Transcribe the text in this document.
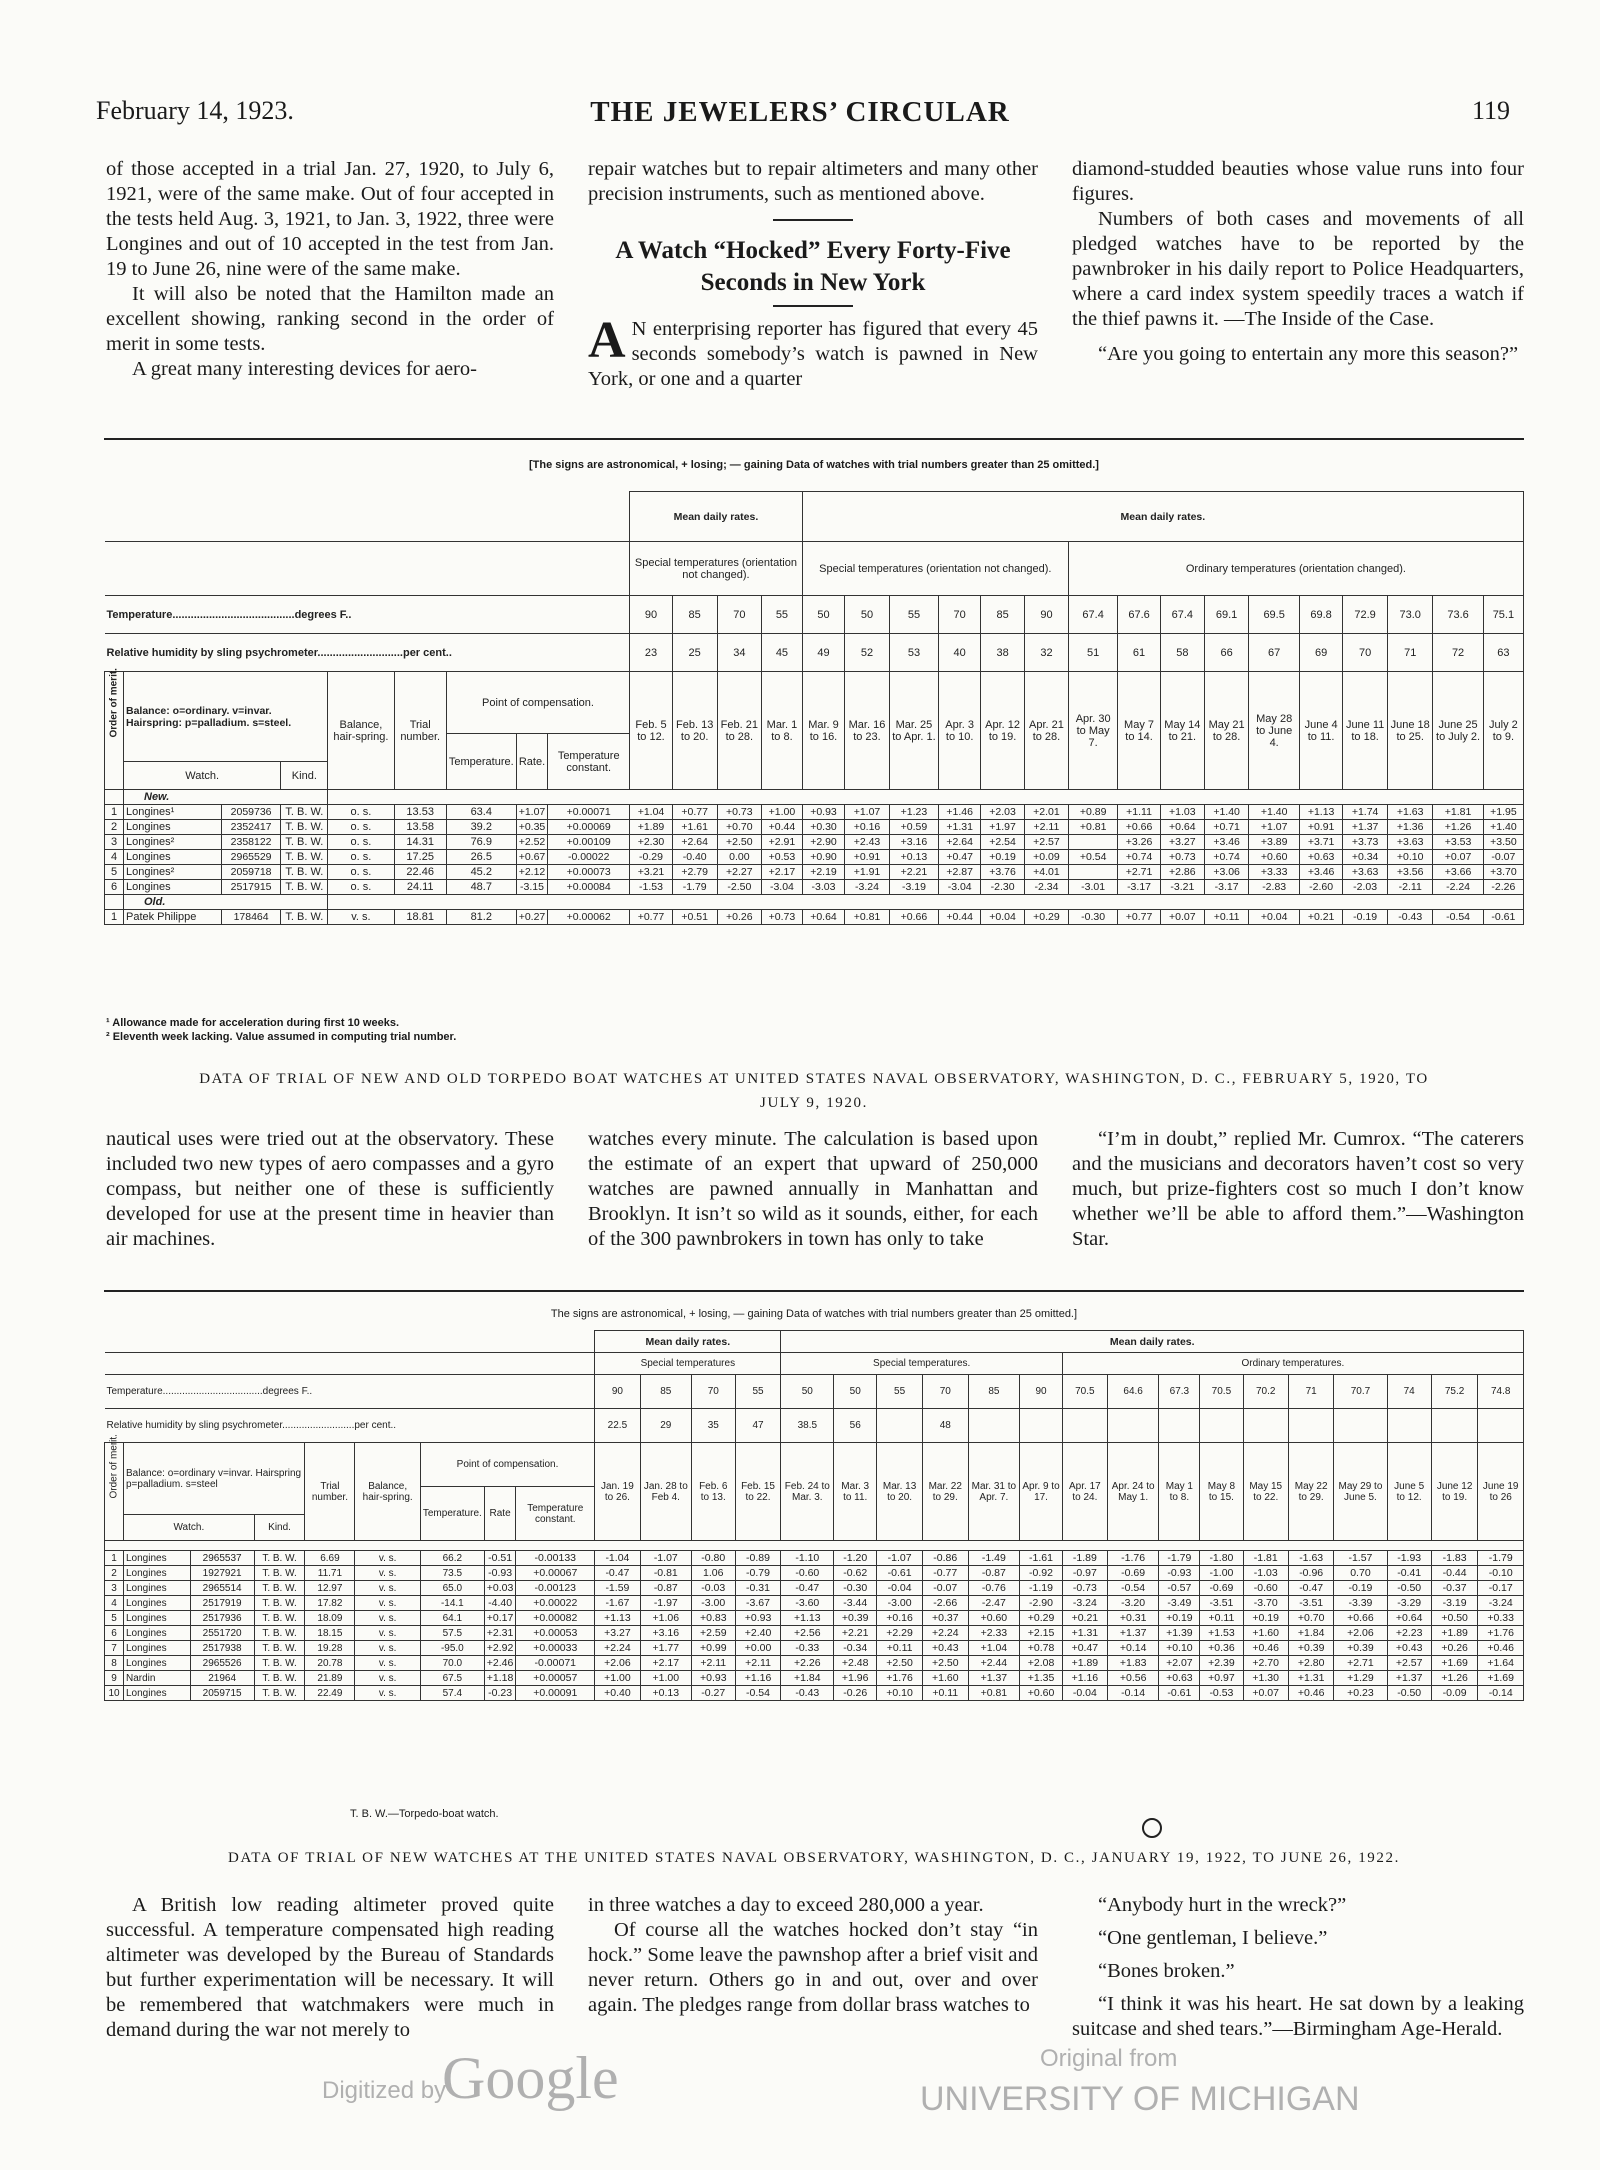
February 14, 1923.	THE JEWELERS’ CIRCULAR	119

of those accepted in a trial Jan. 27, 1920, to July 6, 1921, were of the same make. Out of four accepted in the tests held Aug. 3, 1921, to Jan. 3, 1922, three were Longines and out of 10 accepted in the test from Jan. 19 to June 26, nine were of the same make.

It will also be noted that the Hamilton made an excellent showing, ranking second in the order of merit in some tests.

A great many interesting devices for aero-

repair watches but to repair altimeters and many other precision instruments, such as mentioned above.

A Watch “Hocked” Every Forty-Five Seconds in New York

A N enterprising reporter has figured that every 45 seconds somebody’s watch is pawned in New York, or one and a quarter

diamond-studded beauties whose value runs into four figures.

Numbers of both cases and movements of all pledged watches have to be reported by the pawnbroker in his daily report to Police Headquarters, where a card index system speedily traces a watch if the thief pawns it. —The Inside of the Case.

“Are you going to entertain any more this season?”

[The signs are astronomical, + losing; — gaining Data of watches with trial numbers greater than 25 omitted.]
									Mean daily rates.				Mean daily rates.															
									Special temperatures (orientation not changed).				Special temperatures (orientation not changed).						Ordinary temperatures (orientation changed).									
Temperature........................................degrees F..									90	85	70	55	50	50	55	70	85	90	67.4	67.6	67.4	69.1	69.5	69.8	72.9	73.0	73.6	75.1
Relative humidity by sling psychrometer............................per cent..									23	25	34	45	49	52	53	40	38	32	51	61	58	66	67	69	70	71	72	63

Order of merit.	Balance: o=ordinary. v=invar. Hairspring: p=palladium. s=steel.			Balance, hair-spring.	Trial number.	Point of compensation.			Feb. 5 to 12.	Feb. 13 to 20.	Feb. 21 to 28.	Mar. 1 to 8.	Mar. 9 to 16.	Mar. 16 to 23.	Mar. 25 to Apr. 1.	Apr. 3 to 10.	Apr. 12 to 19.	Apr. 21 to 28.	Apr. 30 to May 7.	May 7 to 14.	May 14 to 21.	May 21 to 28.	May 28 to June 4.	June 4 to 11.	June 11 to 18.	June 18 to 25.	June 25 to July 2.	July 2 to 9.
						Temperature.	Rate.	Temperature constant.																				
	Watch.		Kind.																									
	New.																											
1	Longines¹	2059736	T. B. W.	o. s.	13.53	63.4	+1.07	+0.00071	+1.04	+0.77	+0.73	+1.00	+0.93	+1.07	+1.23	+1.46	+2.03	+2.01	+0.89	+1.11	+1.03	+1.40	+1.40	+1.13	+1.74	+1.63	+1.81	+1.95
2	Longines	2352417	T. B. W.	o. s.	13.58	39.2	+0.35	+0.00069	+1.89	+1.61	+0.70	+0.44	+0.30	+0.16	+0.59	+1.31	+1.97	+2.11	+0.81	+0.66	+0.64	+0.71	+1.07	+0.91	+1.37	+1.36	+1.26	+1.40
3	Longines²	2358122	T. B. W.	o. s.	14.31	76.9	+2.52	+0.00109	+2.30	+2.64	+2.50	+2.91	+2.90	+2.43	+3.16	+2.64	+2.54	+2.57		+3.26	+3.27	+3.46	+3.89	+3.71	+3.73	+3.63	+3.53	+3.50
4	Longines	2965529	T. B. W.	o. s.	17.25	26.5	+0.67	-0.00022	-0.29	-0.40	0.00	+0.53	+0.90	+0.91	+0.13	+0.47	+0.19	+0.09	+0.54	+0.74	+0.73	+0.74	+0.60	+0.63	+0.34	+0.10	+0.07	-0.07
5	Longines²	2059718	T. B. W.	o. s.	22.46	45.2	+2.12	+0.00073	+3.21	+2.79	+2.27	+2.17	+2.19	+1.91	+2.21	+2.87	+3.76	+4.01		+2.71	+2.86	+3.06	+3.33	+3.46	+3.63	+3.56	+3.66	+3.70
6	Longines	2517915	T. B. W.	o. s.	24.11	48.7	-3.15	+0.00084	-1.53	-1.79	-2.50	-3.04	-3.03	-3.24	-3.19	-3.04	-2.30	-2.34	-3.01	-3.17	-3.21	-3.17	-2.83	-2.60	-2.03	-2.11	-2.24	-2.26
	Old.																											
1	Patek Philippe	178464	T. B. W.	v. s.	18.81	81.2	+0.27	+0.00062	+0.77	+0.51	+0.26	+0.73	+0.64	+0.81	+0.66	+0.44	+0.04	+0.29	-0.30	+0.77	+0.07	+0.11	+0.04	+0.21	-0.19	-0.43	-0.54	-0.61
¹ Allowance made for acceleration during first 10 weeks.
² Eleventh week lacking. Value assumed in computing trial number.
DATA OF TRIAL OF NEW AND OLD TORPEDO BOAT WATCHES AT UNITED STATES NAVAL OBSERVATORY, WASHINGTON, D. C., FEBRUARY 5, 1920, TO
JULY 9, 1920.

nautical uses were tried out at the observatory. These included two new types of aero compasses and a gyro compass, but neither one of these is sufficiently developed for use at the present time in heavier than air machines.

watches every minute. The calculation is based upon the estimate of an expert that upward of 250,000 watches are pawned annually in Manhattan and Brooklyn. It isn’t so wild as it sounds, either, for each of the 300 pawnbrokers in town has only to take

“I’m in doubt,” replied Mr. Cumrox. “The caterers and the musicians and decorators haven’t cost so very much, but prize-fighters cost so much I don’t know whether we’ll be able to afford them.”—Washington Star.

The signs are astronomical, + losing, — gaining Data of watches with trial numbers greater than 25 omitted.]
									Mean daily rates.				Mean daily rates.															
									Special temperatures				Special temperatures.						Ordinary temperatures.									
Temperature....................................degrees F..									90	85	70	55	50	50	55	70	85	90	70.5	64.6	67.3	70.5	70.2	71	70.7	74	75.2	74.8
Relative humidity by sling psychrometer..........................per cent..									22.5	29	35	47	38.5	56		48												

Order of merit.	Balance: o=ordinary v=invar. Hairspring p=palladium. s=steel			Trial number.	Balance, hair-spring.	Point of compensation.			Jan. 19 to 26.	Jan. 28 to Feb 4.	Feb. 6 to 13.	Feb. 15 to 22.	Feb. 24 to Mar. 3.	Mar. 3 to 11.	Mar. 13 to 20.	Mar. 22 to 29.	Mar. 31 to Apr. 7.	Apr. 9 to 17.	Apr. 17 to 24.	Apr. 24 to May 1.	May 1 to 8.	May 8 to 15.	May 15 to 22.	May 22 to 29.	May 29 to June 5.	June 5 to 12.	June 12 to 19.	June 19 to 26
						Temperature.	Rate	Temperature constant.																				
	Watch.		Kind.																									

1	Longines	2965537	T. B. W.	6.69	v. s.	66.2	-0.51	-0.00133	-1.04	-1.07	-0.80	-0.89	-1.10	-1.20	-1.07	-0.86	-1.49	-1.61	-1.89	-1.76	-1.79	-1.80	-1.81	-1.63	-1.57	-1.93	-1.83	-1.79
2	Longines	1927921	T. B. W.	11.71	v. s.	73.5	-0.93	+0.00067	-0.47	-0.81	1.06	-0.79	-0.60	-0.62	-0.61	-0.77	-0.87	-0.92	-0.97	-0.69	-0.93	-1.00	-1.03	-0.96	0.70	-0.41	-0.44	-0.10
3	Longines	2965514	T. B. W.	12.97	v. s.	65.0	+0.03	-0.00123	-1.59	-0.87	-0.03	-0.31	-0.47	-0.30	-0.04	-0.07	-0.76	-1.19	-0.73	-0.54	-0.57	-0.69	-0.60	-0.47	-0.19	-0.50	-0.37	-0.17
4	Longines	2517919	T. B. W.	17.82	v. s.	-14.1	-4.40	+0.00022	-1.67	-1.97	-3.00	-3.67	-3.60	-3.44	-3.00	-2.66	-2.47	-2.90	-3.24	-3.20	-3.49	-3.51	-3.70	-3.51	-3.39	-3.29	-3.19	-3.24
5	Longines	2517936	T. B. W.	18.09	v. s.	64.1	+0.17	+0.00082	+1.13	+1.06	+0.83	+0.93	+1.13	+0.39	+0.16	+0.37	+0.60	+0.29	+0.21	+0.31	+0.19	+0.11	+0.19	+0.70	+0.66	+0.64	+0.50	+0.33
6	Longines	2551720	T. B. W.	18.15	v. s.	57.5	+2.31	+0.00053	+3.27	+3.16	+2.59	+2.40	+2.56	+2.21	+2.29	+2.24	+2.33	+2.15	+1.31	+1.37	+1.39	+1.53	+1.60	+1.84	+2.06	+2.23	+1.89	+1.76
7	Longines	2517938	T. B. W.	19.28	v. s.	-95.0	+2.92	+0.00033	+2.24	+1.77	+0.99	+0.00	-0.33	-0.34	+0.11	+0.43	+1.04	+0.78	+0.47	+0.14	+0.10	+0.36	+0.46	+0.39	+0.39	+0.43	+0.26	+0.46
8	Longines	2965526	T. B. W.	20.78	v. s.	70.0	+2.46	-0.00071	+2.06	+2.17	+2.11	+2.11	+2.26	+2.48	+2.50	+2.50	+2.44	+2.08	+1.89	+1.83	+2.07	+2.39	+2.70	+2.80	+2.71	+2.57	+1.69	+1.64
9	Nardin	21964	T. B. W.	21.89	v. s.	67.5	+1.18	+0.00057	+1.00	+1.00	+0.93	+1.16	+1.84	+1.96	+1.76	+1.60	+1.37	+1.35	+1.16	+0.56	+0.63	+0.97	+1.30	+1.31	+1.29	+1.37	+1.26	+1.69
10	Longines	2059715	T. B. W.	22.49	v. s.	57.4	-0.23	+0.00091	+0.40	+0.13	-0.27	-0.54	-0.43	-0.26	+0.10	+0.11	+0.81	+0.60	-0.04	-0.14	-0.61	-0.53	+0.07	+0.46	+0.23	-0.50	-0.09	-0.14
T. B. W.—Torpedo-boat watch.
DATA OF TRIAL OF NEW WATCHES AT THE UNITED STATES NAVAL OBSERVATORY, WASHINGTON, D. C., JANUARY 19, 1922, TO JUNE 26, 1922.

A British low reading altimeter proved quite successful. A temperature compensated high reading altimeter was developed by the Bureau of Standards but further experimentation will be necessary. It will be remembered that watchmakers were much in demand during the war not merely to

in three watches a day to exceed 280,000 a year.

Of course all the watches hocked don’t stay “in hock.” Some leave the pawnshop after a brief visit and never return. Others go in and out, over and over again. The pledges range from dollar brass watches to

“Anybody hurt in the wreck?”

“One gentleman, I believe.”

“Bones broken.”

“I think it was his heart. He sat down by a leaking suitcase and shed tears.”—Birmingham Age-Herald.

Digitized by
Google	Original from
UNIVERSITY OF MICHIGAN
